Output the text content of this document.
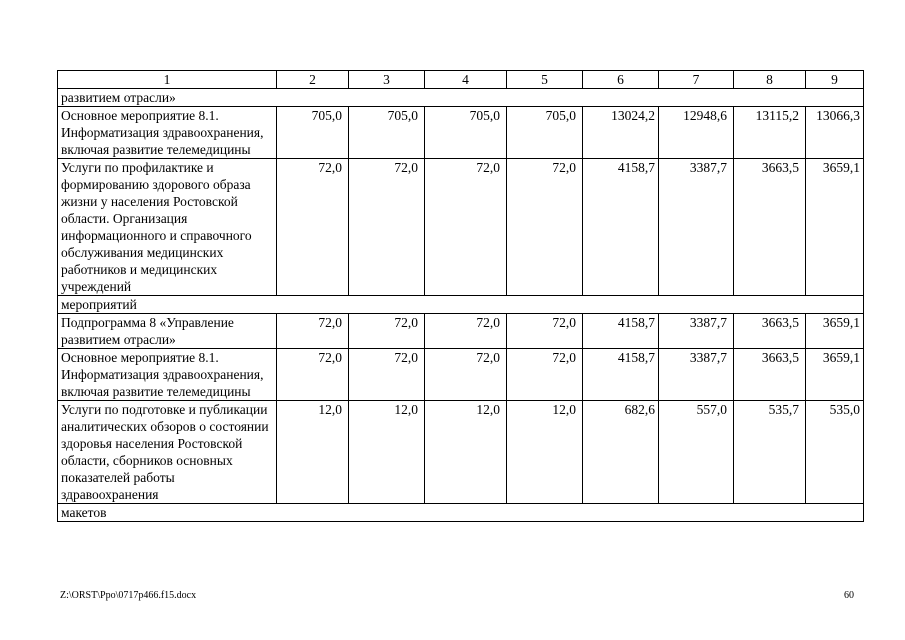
1	2	3	4	5	6	7	8	9
развитием отрасли»								
Основное мероприятие 8.1. Информатизация здравоохранения, включая развитие телемедицины	705,0	705,0	705,0	705,0	13024,2	12948,6	13115,2	13066,3
Услуги по профилактике и формированию здорового образа жизни у населения Ростовской области. Организация информационного и справочного обслуживания медицинских работников и медицинских учреждений	72,0	72,0	72,0	72,0	4158,7	3387,7	3663,5	3659,1
мероприятий								
Подпрограмма 8 «Управление развитием отрасли»	72,0	72,0	72,0	72,0	4158,7	3387,7	3663,5	3659,1
Основное мероприятие 8.1. Информатизация здравоохранения, включая развитие телемедицины	72,0	72,0	72,0	72,0	4158,7	3387,7	3663,5	3659,1
Услуги по подготовке и публикации аналитических обзоров о состоянии здоровья населения Ростовской области, сборников основных показателей работы здравоохранения	12,0	12,0	12,0	12,0	682,6	557,0	535,7	535,0
макетов								
Z:\ORST\Ppo\0717p466.f15.docx	60
